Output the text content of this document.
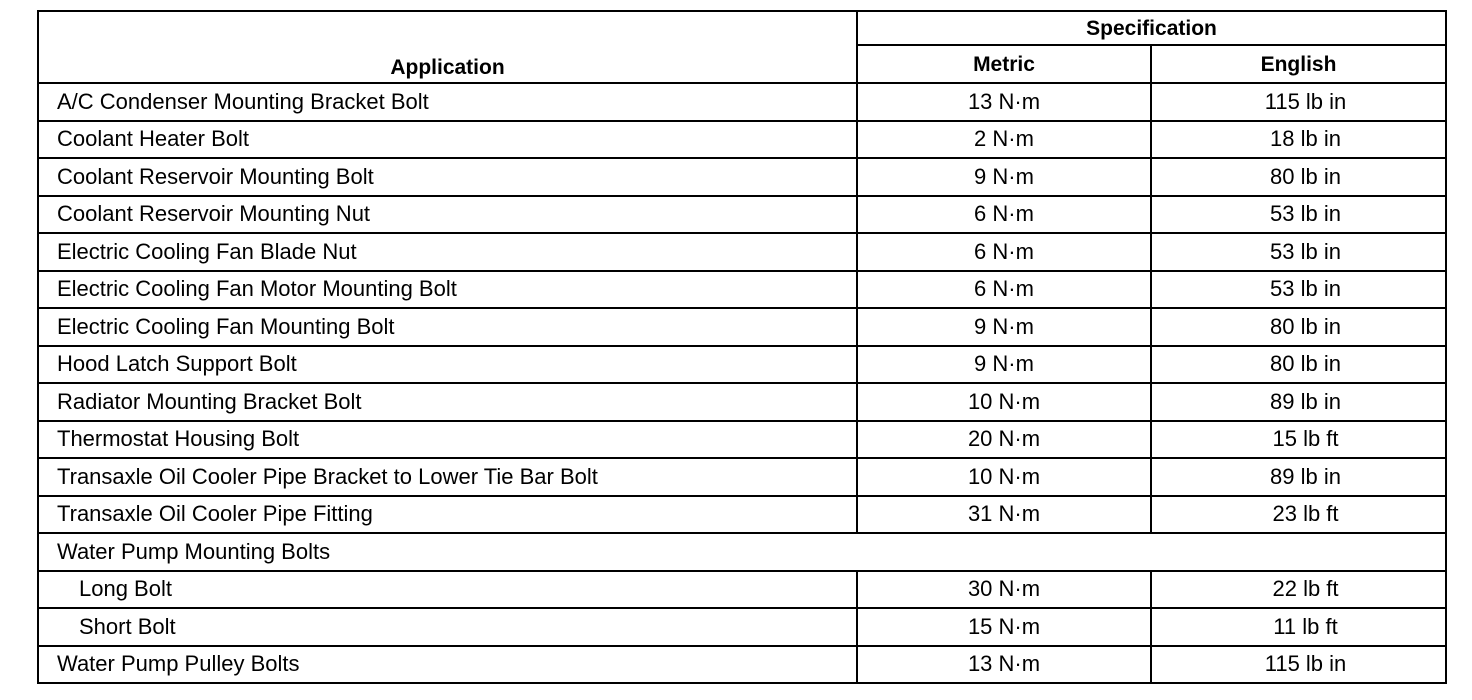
Application	Specification	
	Metric	English
A/C Condenser Mounting Bracket Bolt	13 N·m	115 lb in
Coolant Heater Bolt	2 N·m	18 lb in
Coolant Reservoir Mounting Bolt	9 N·m	80 lb in
Coolant Reservoir Mounting Nut	6 N·m	53 lb in
Electric Cooling Fan Blade Nut	6 N·m	53 lb in
Electric Cooling Fan Motor Mounting Bolt	6 N·m	53 lb in
Electric Cooling Fan Mounting Bolt	9 N·m	80 lb in
Hood Latch Support Bolt	9 N·m	80 lb in
Radiator Mounting Bracket Bolt	10 N·m	89 lb in
Thermostat Housing Bolt	20 N·m	15 lb ft
Transaxle Oil Cooler Pipe Bracket to Lower Tie Bar Bolt	10 N·m	89 lb in
Transaxle Oil Cooler Pipe Fitting	31 N·m	23 lb ft
Water Pump Mounting Bolts		
Long Bolt	30 N·m	22 lb ft
Short Bolt	15 N·m	11 lb ft
Water Pump Pulley Bolts	13 N·m	115 lb in
